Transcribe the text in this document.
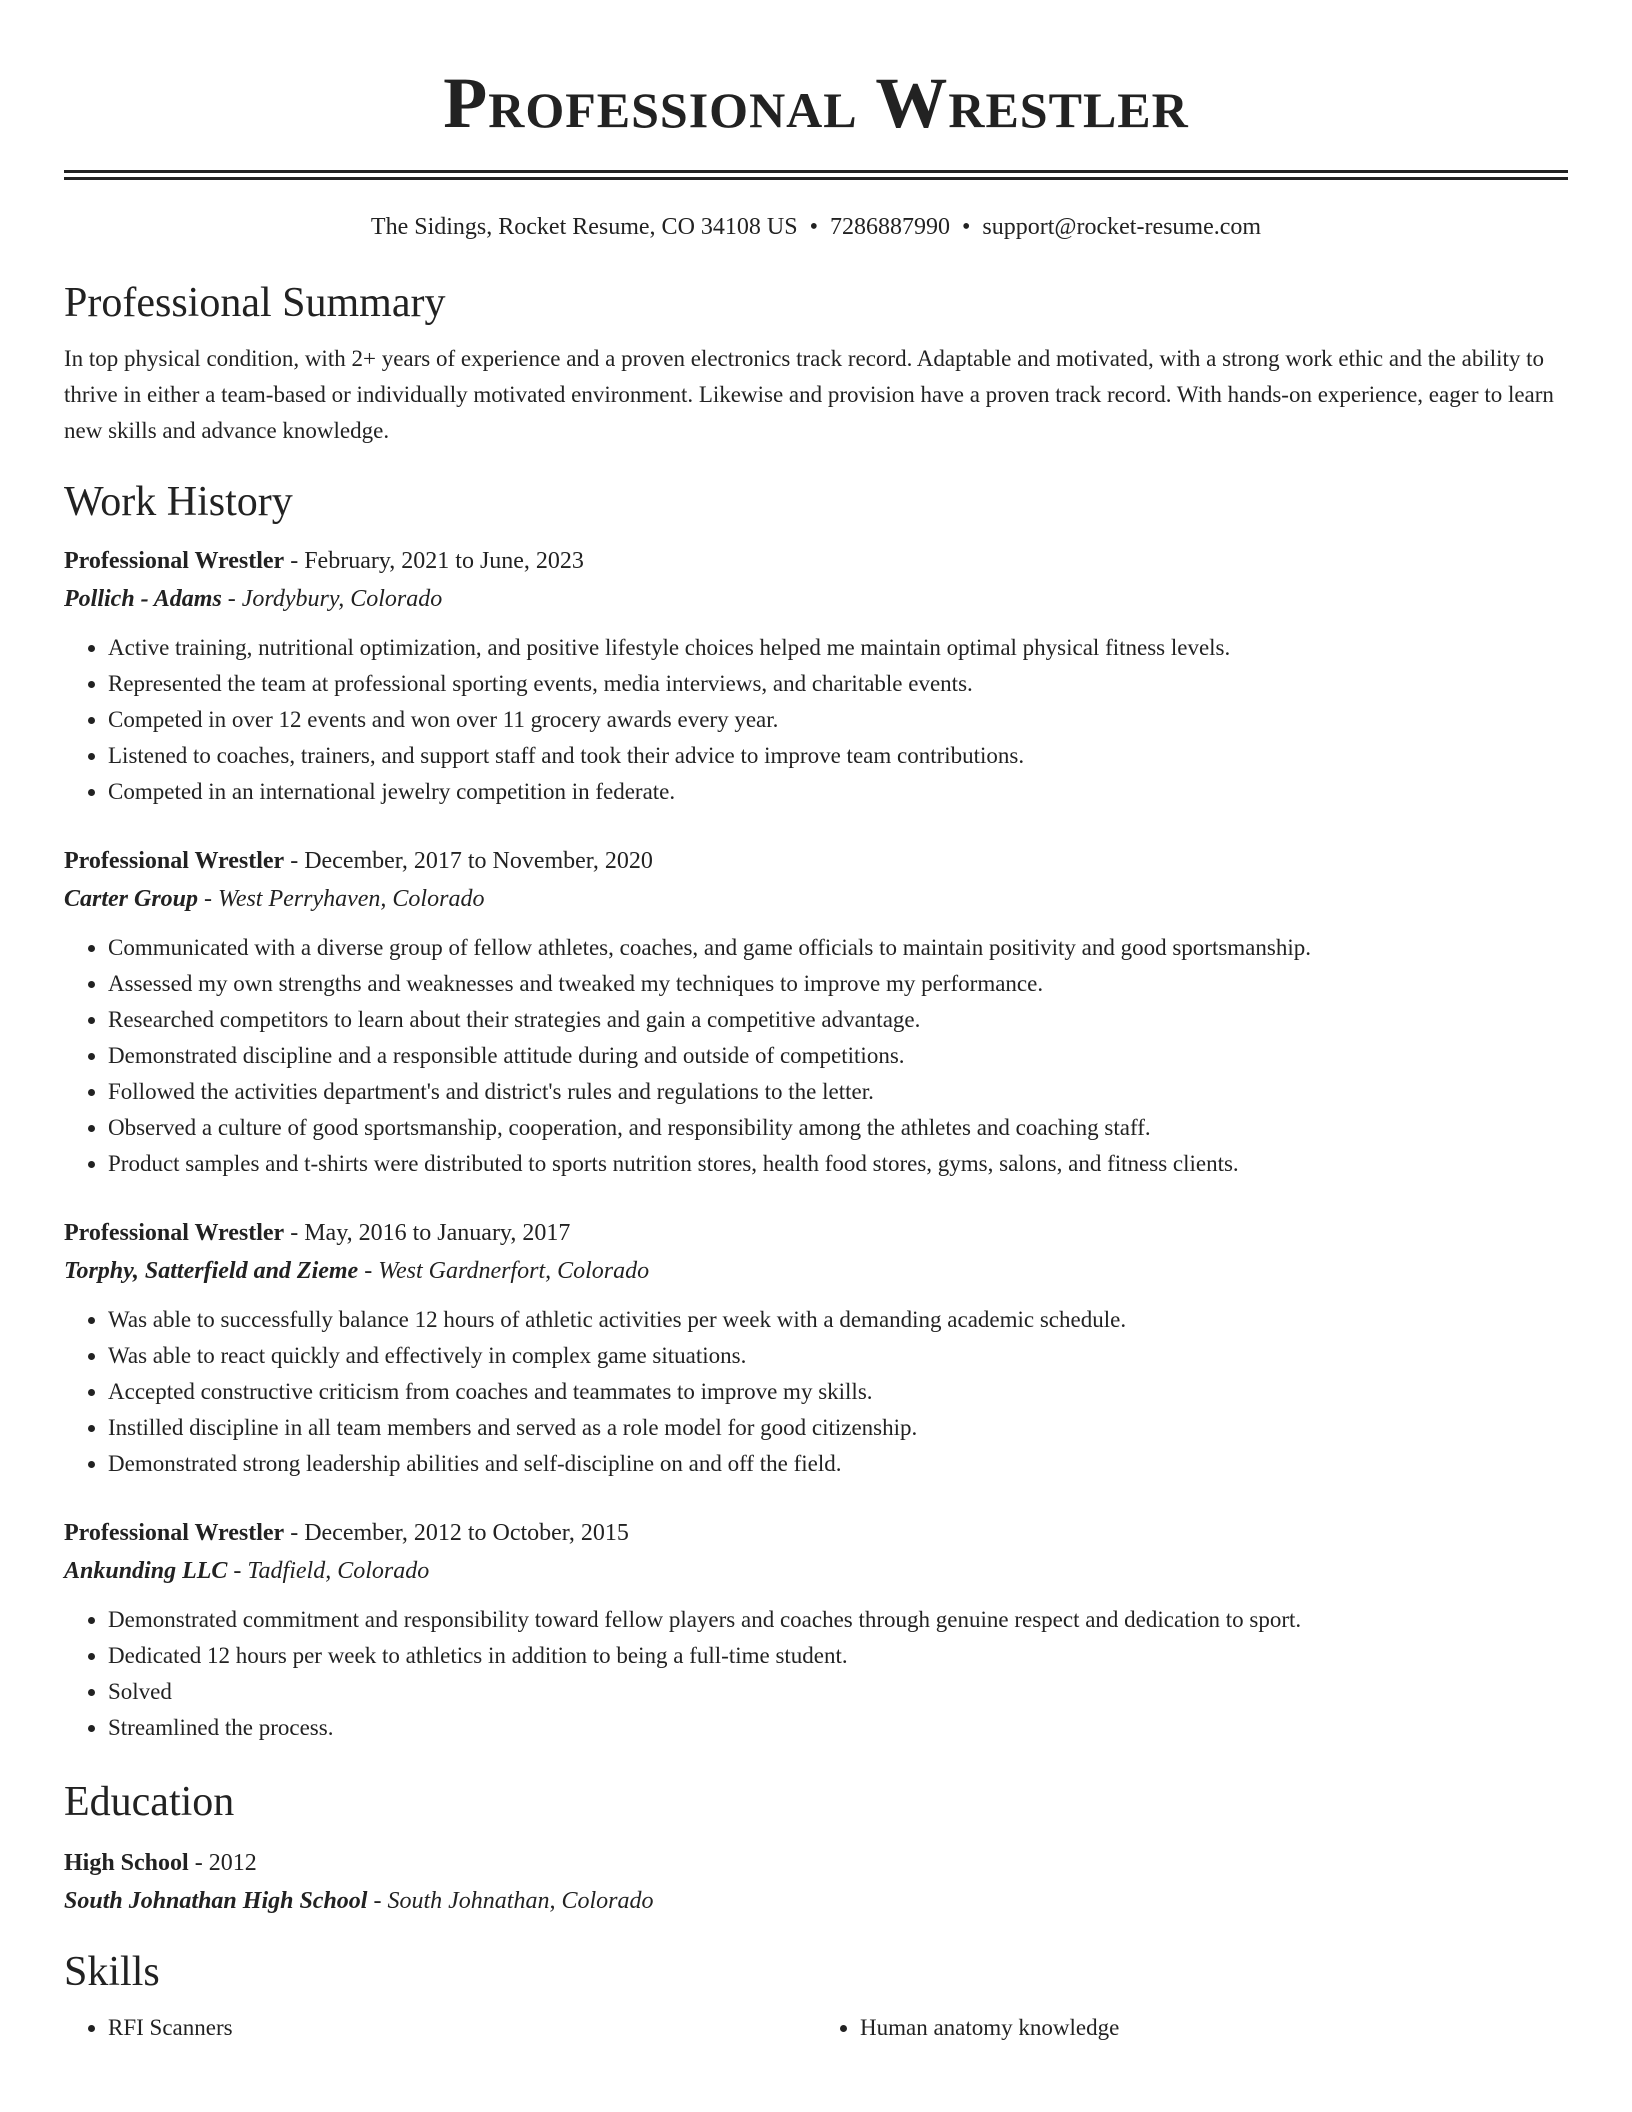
Professional Wrestler
The Sidings, Rocket Resume, CO 34108 US • 7286887990 • support@rocket-resume.com
Professional Summary
In top physical condition, with 2+ years of experience and a proven electronics track record. Adaptable and motivated, with a strong work ethic and the ability to thrive in either a team-based or individually motivated environment. Likewise and provision have a proven track record. With hands-on experience, eager to learn new skills and advance knowledge.
Work History
Professional Wrestler - February, 2021 to June, 2023
Pollich - Adams - Jordybury, Colorado
• Active training, nutritional optimization, and positive lifestyle choices helped me maintain optimal physical fitness levels.
• Represented the team at professional sporting events, media interviews, and charitable events.
• Competed in over 12 events and won over 11 grocery awards every year.
• Listened to coaches, trainers, and support staff and took their advice to improve team contributions.
• Competed in an international jewelry competition in federate.
Professional Wrestler - December, 2017 to November, 2020
Carter Group - West Perryhaven, Colorado
• Communicated with a diverse group of fellow athletes, coaches, and game officials to maintain positivity and good sportsmanship.
• Assessed my own strengths and weaknesses and tweaked my techniques to improve my performance.
• Researched competitors to learn about their strategies and gain a competitive advantage.
• Demonstrated discipline and a responsible attitude during and outside of competitions.
• Followed the activities department's and district's rules and regulations to the letter.
• Observed a culture of good sportsmanship, cooperation, and responsibility among the athletes and coaching staff.
• Product samples and t-shirts were distributed to sports nutrition stores, health food stores, gyms, salons, and fitness clients.
Professional Wrestler - May, 2016 to January, 2017
Torphy, Satterfield and Zieme - West Gardnerfort, Colorado
• Was able to successfully balance 12 hours of athletic activities per week with a demanding academic schedule.
• Was able to react quickly and effectively in complex game situations.
• Accepted constructive criticism from coaches and teammates to improve my skills.
• Instilled discipline in all team members and served as a role model for good citizenship.
• Demonstrated strong leadership abilities and self-discipline on and off the field.
Professional Wrestler - December, 2012 to October, 2015
Ankunding LLC - Tadfield, Colorado
• Demonstrated commitment and responsibility toward fellow players and coaches through genuine respect and dedication to sport.
• Dedicated 12 hours per week to athletics in addition to being a full-time student.
• Solved
• Streamlined the process.
Education
High School - 2012
South Johnathan High School - South Johnathan, Colorado
Skills
• RFI Scanners
•	Human anatomy knowledge
